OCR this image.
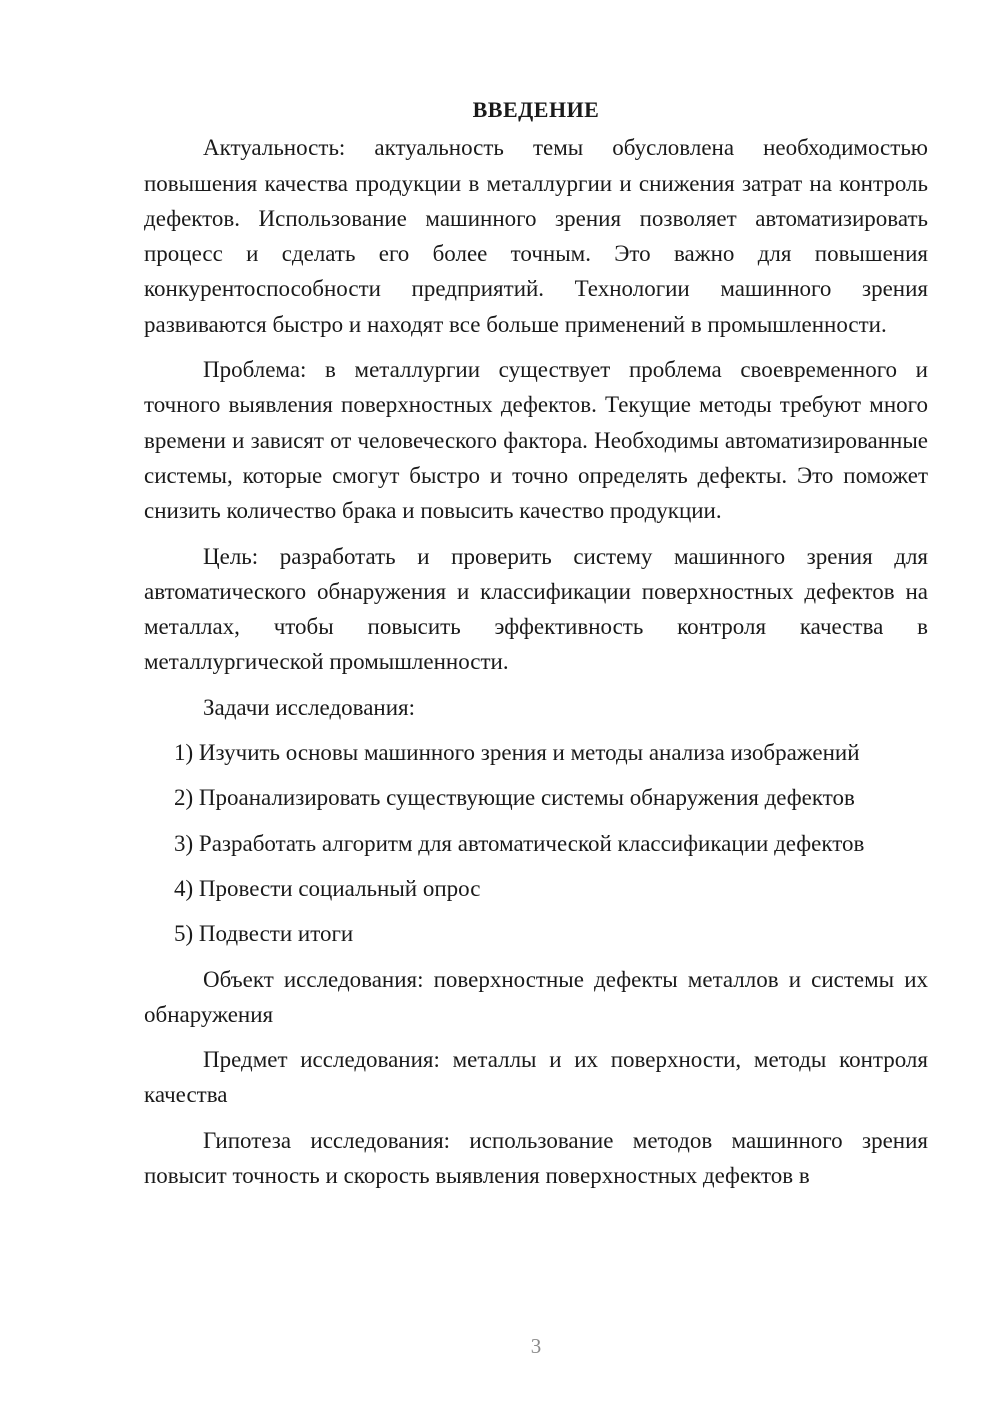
ВВЕДЕНИЕ

Актуальность: актуальность темы обусловлена необходимостью повышения качества продукции в металлургии и снижения затрат на контроль дефектов. Использование машинного зрения позволяет автоматизировать процесс и сделать его более точным. Это важно для повышения конкурентоспособности предприятий. Технологии машинного зрения развиваются быстро и находят все больше применений в промышленности.

Проблема: в металлургии существует проблема своевременного и точного выявления поверхностных дефектов. Текущие методы требуют много времени и зависят от человеческого фактора. Необходимы автоматизированные системы, которые смогут быстро и точно определять дефекты. Это поможет снизить количество брака и повысить качество продукции.

Цель: разработать и проверить систему машинного зрения для автоматического обнаружения и классификации поверхностных дефектов на металлах, чтобы повысить эффективность контроля качества в металлургической промышленности.

Задачи исследования:

1) Изучить основы машинного зрения и методы анализа изображений

2) Проанализировать существующие системы обнаружения дефектов

3) Разработать алгоритм для автоматической классификации дефектов

4) Провести социальный опрос

5) Подвести итоги

Объект исследования: поверхностные дефекты металлов и системы их обнаружения

Предмет исследования: металлы и их поверхности, методы контроля качества

Гипотеза исследования: использование методов машинного зрения повысит точность и скорость выявления поверхностных дефектов в

3
